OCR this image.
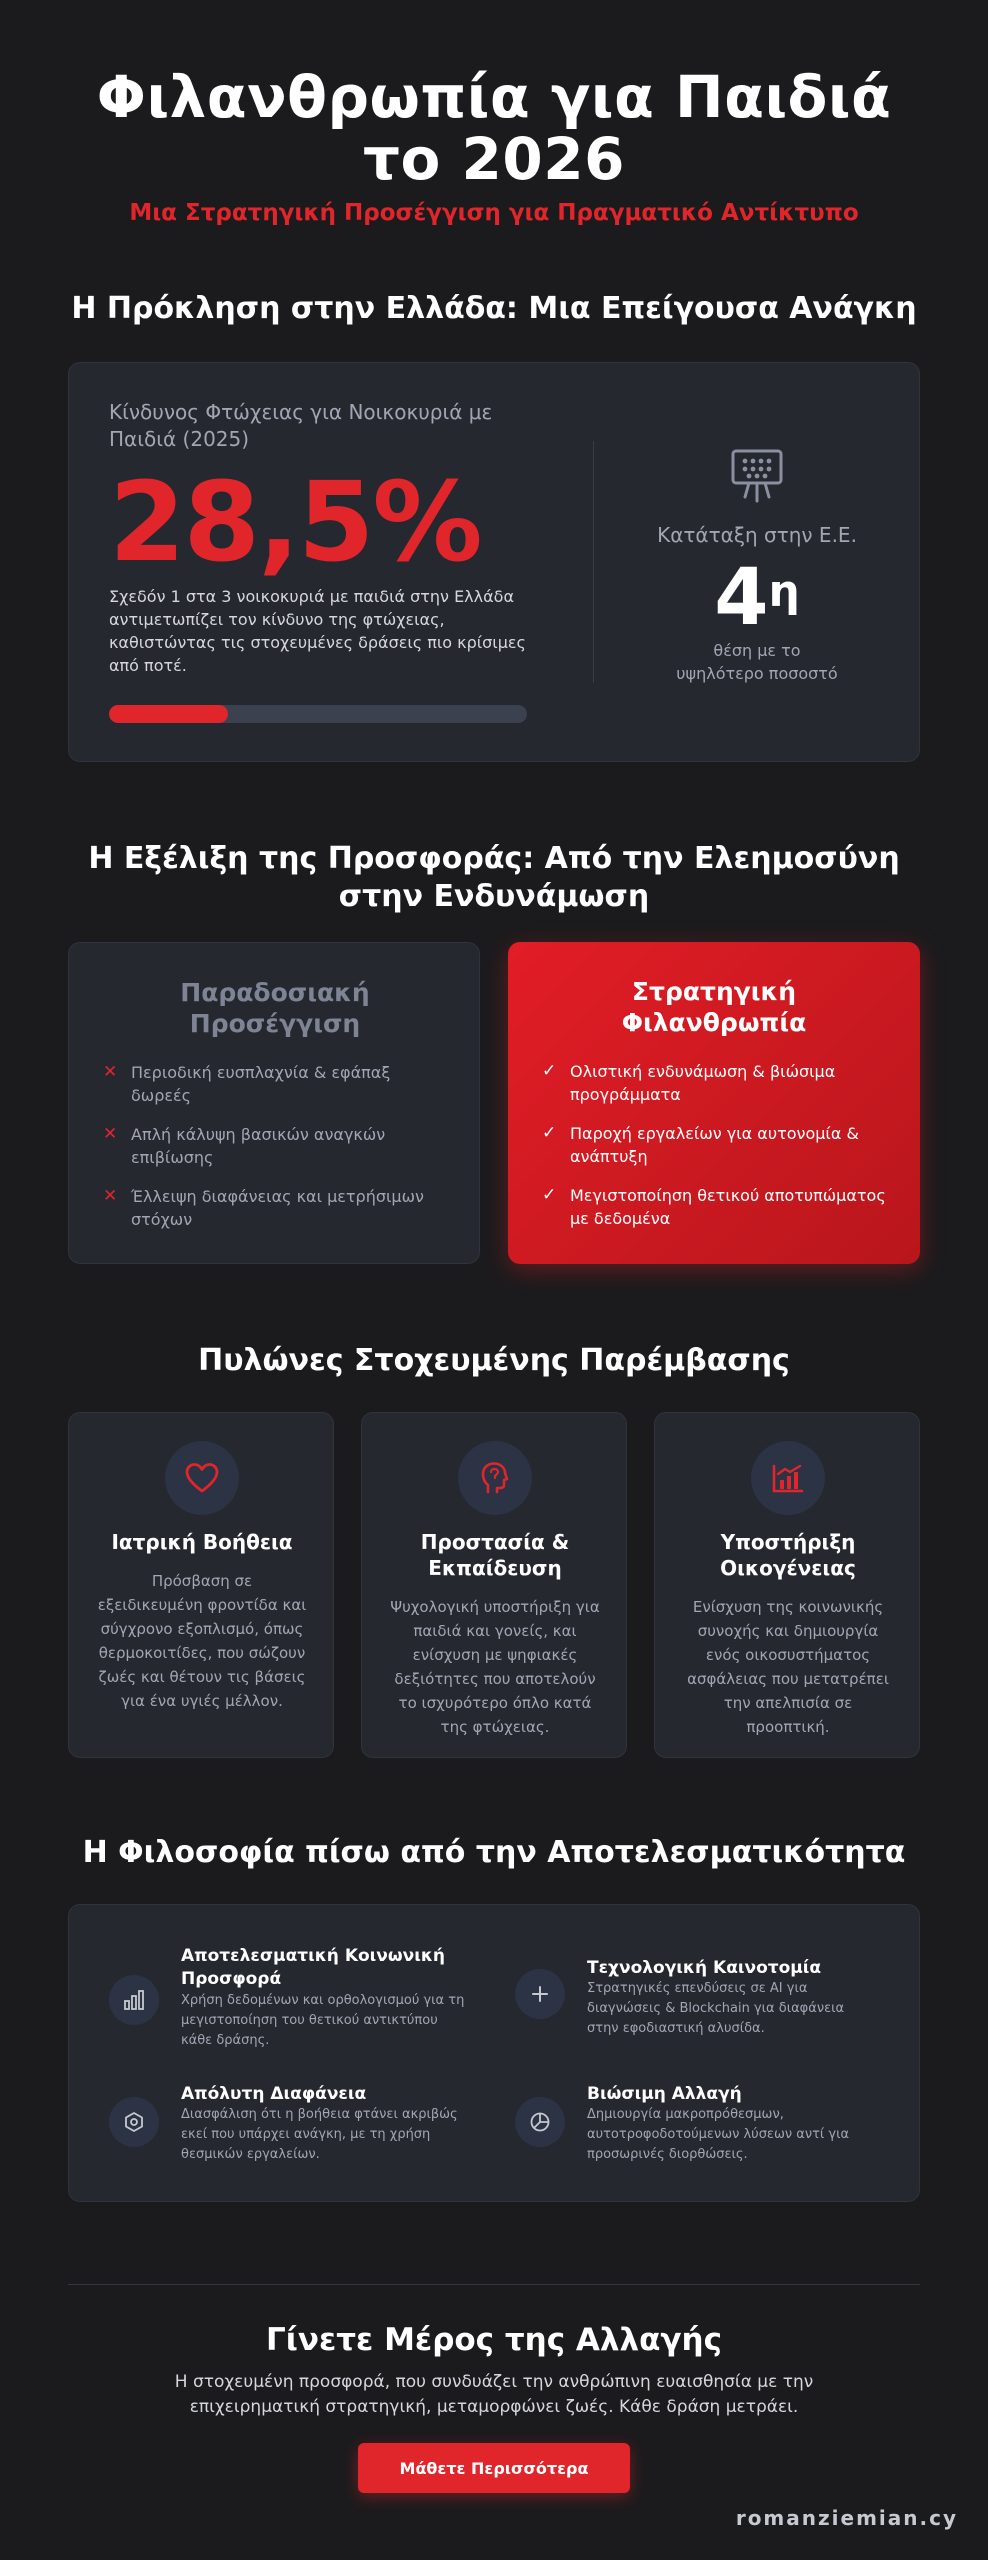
Φιλανθρωπία για Παιδιά
το 2026
Μια Στρατηγική Προσέγγιση για Πραγματικό Αντίκτυπο
Η Πρόκληση στην Ελλάδα: Μια Επείγουσα Ανάγκη
Κίνδυνος Φτώχειας για Νοικοκυριά με Παιδιά (2025)
28,5%
Σχεδόν 1 στα 3 νοικοκυριά με παιδιά στην Ελλάδα αντιμετωπίζει τον κίνδυνο της φτώχειας, καθιστώντας τις στοχευμένες δράσεις πιο κρίσιμες από ποτέ.
Κατάταξη στην Ε.Ε.
$4^\eta$
θέση με το υψηλότερο ποσοστό
Η Εξέλιξη της Προσφοράς: Από την Ελεημοσύνη στην Ενδυνάμωση
Παραδοσιακή Προσέγγιση
✕ Περιοδική ευσπλαχνία & εφάπαξ δωρεές
✕ Απλή κάλυψη βασικών αναγκών επιβίωσης
✕ Έλλειψη διαφάνειας και μετρήσιμων στόχων
Στρατηγική Φιλανθρωπία
✓ Ολιστική ενδυνάμωση & βιώσιμα προγράμματα
✓ Παροχή εργαλείων για αυτονομία & ανάπτυξη
✓ Μεγιστοποίηση θετικού αποτυπώματος με δεδομένα
Πυλώνες Στοχευμένης Παρέμβασης
Ιατρική Βοήθεια
Πρόσβαση σε εξειδικευμένη φροντίδα και σύγχρονο εξοπλισμό, όπως θερμοκοιτίδες, που σώζουν ζωές και θέτουν τις βάσεις για ένα υγιές μέλλον.
Προστασία & Εκπαίδευση
Ψυχολογική υποστήριξη για παιδιά και γονείς, και ενίσχυση με ψηφιακές δεξιότητες που αποτελούν το ισχυρότερο όπλο κατά της φτώχειας.
Υποστήριξη Οικογένειας
Ενίσχυση της κοινωνικής συνοχής και δημιουργία ενός οικοσυστήματος ασφάλειας που μετατρέπει την απελπισία σε προοπτική.
Η Φιλοσοφία πίσω από την Αποτελεσματικότητα
Αποτελεσματική Κοινωνική Προσφορά
Χρήση δεδομένων και ορθολογισμού για τη μεγιστοποίηση του θετικού αντικτύπου κάθε δράσης.
Τεχνολογική Καινοτομία
Στρατηγικές επενδύσεις σε AI για διαγνώσεις & Blockchain για διαφάνεια στην εφοδιαστική αλυσίδα.
Απόλυτη Διαφάνεια
Διασφάλιση ότι η βοήθεια φτάνει ακριβώς εκεί που υπάρχει ανάγκη, με τη χρήση θεσμικών εργαλείων.
Βιώσιμη Αλλαγή
Δημιουργία μακροπρόθεσμων, αυτοτροφοδοτούμενων λύσεων αντί για προσωρινές διορθώσεις.
Γίνετε Μέρος της Αλλαγής
Η στοχευμένη προσφορά, που συνδυάζει την ανθρώπινη ευαισθησία με την επιχειρηματική στρατηγική, μεταμορφώνει ζωές. Κάθε δράση μετράει.
Μάθετε Περισσότερα
romanziemian.cy
